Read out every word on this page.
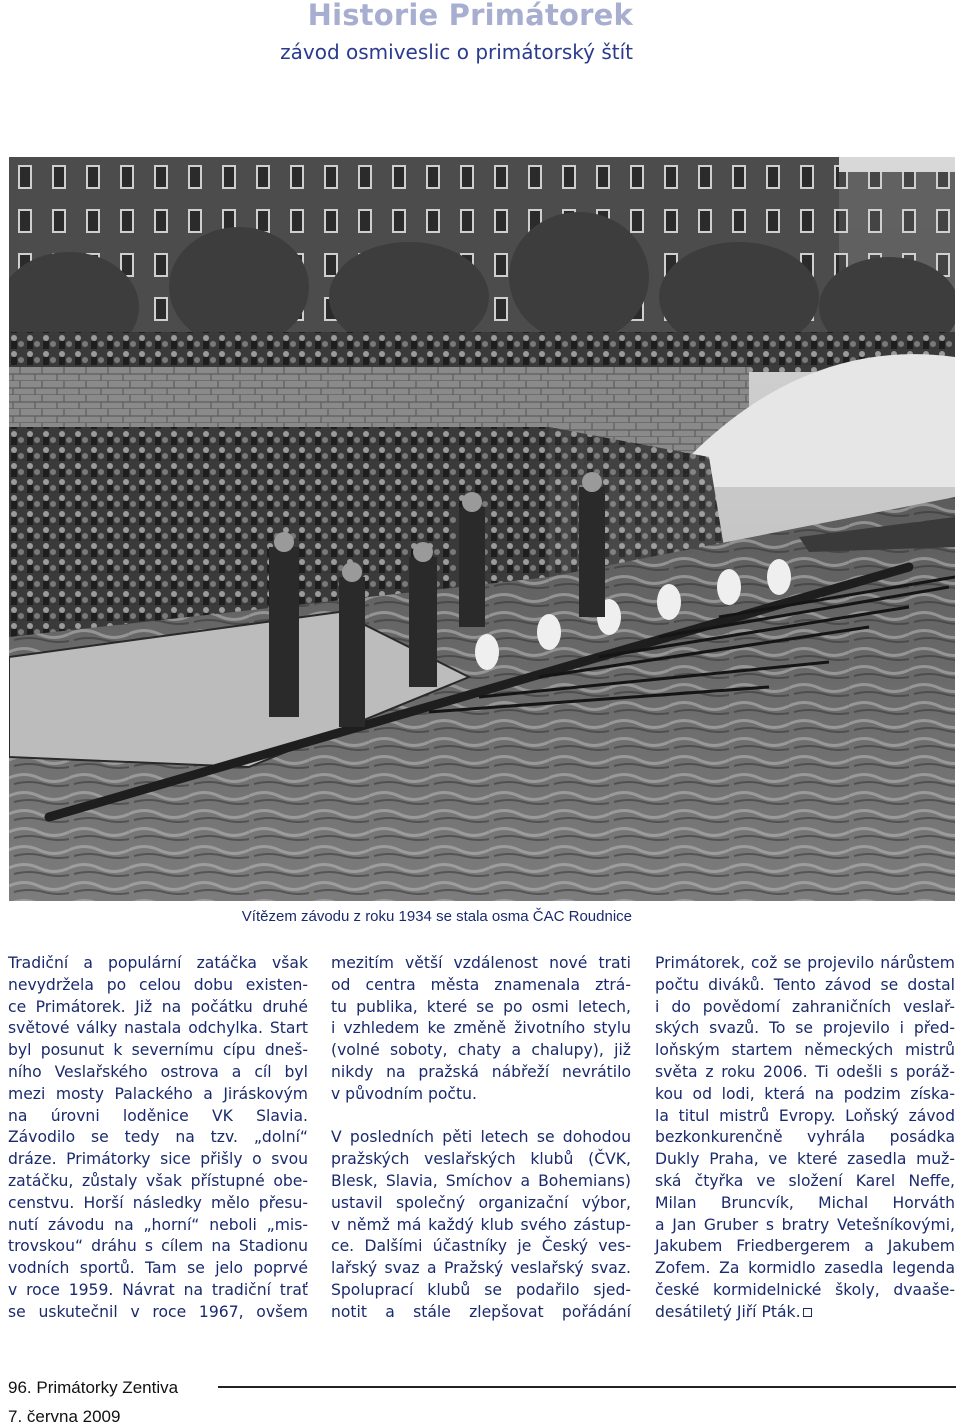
Historie Primátorek
závod osmiveslic o primátorský štít
Vítězem závodu z roku 1934 se stala osma ČAC Roudnice
Tradiční a populární zatáčka však
nevydržela po celou dobu existen-
ce Primátorek. Již na počátku druhé
světové války nastala odchylka. Start
byl posunut k severnímu cípu dneš-
ního Veslařského ostrova a cíl byl
mezi mosty Palackého a Jiráskovým
na úrovni loděnice VK Slavia.
Závodilo se tedy na tzv. „dolní“
dráze. Primátorky sice přišly o svou
zatáčku, zůstaly však přístupné obe-
censtvu. Horší následky mělo přesu-
nutí závodu na „horní“ neboli „mis-
trovskou“ dráhu s cílem na Stadionu
vodních sportů. Tam se jelo poprvé
v roce 1959. Návrat na tradiční trať
se uskutečnil v roce 1967, ovšem
mezitím větší vzdálenost nové trati
od centra města znamenala ztrá-
tu publika, které se po osmi letech,
i vzhledem ke změně životního stylu
(volné soboty, chaty a chalupy), již
nikdy na pražská nábřeží nevrátilo
v původním počtu.
V posledních pěti letech se dohodou
pražských veslařských klubů (ČVK,
Blesk, Slavia, Smíchov a Bohemians)
ustavil společný organizační výbor,
v němž má každý klub svého zástup-
ce. Dalšími účastníky je Český ves-
lařský svaz a Pražský veslařský svaz.
Spoluprací klubů se podařilo sjed-
notit a stále zlepšovat pořádání
Primátorek, což se projevilo nárůstem
počtu diváků. Tento závod se dostal
i do povědomí zahraničních veslař-
ských svazů. To se projevilo i před-
loňským startem německých mistrů
světa z roku 2006. Ti odešli s poráž-
kou od lodi, která na podzim získa-
la titul mistrů Evropy. Loňský závod
bezkonkurenčně vyhrála posádka
Dukly Praha, ve které zasedla muž-
ská čtyřka ve složení Karel Neffe,
Milan Bruncvík, Michal Horváth
a Jan Gruber s bratry Vetešníkovými,
Jakubem Friedbergerem a Jakubem
Zofem. Za kormidlo zasedla legenda
české kormidelnické školy, dvaaše-
desátiletý Jiří Pták.
96. Primátorky Zentiva
7. června 2009
